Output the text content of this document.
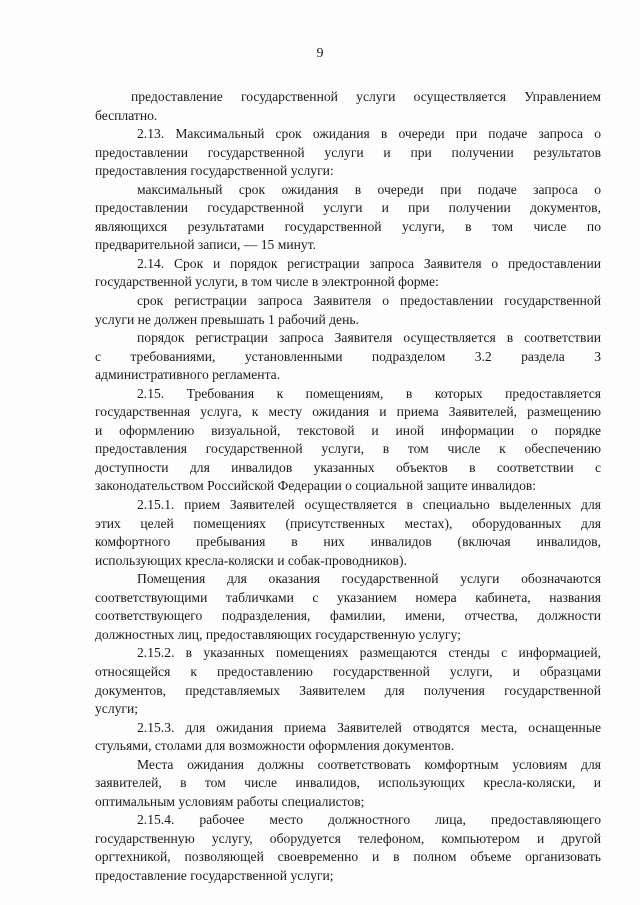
9
предоставление государственной услуги осуществляется Управлением
бесплатно.
2.13. Максимальный срок ожидания в очереди при подаче запроса о
предоставлении государственной услуги и при получении результатов
предоставления государственной услуги:
максимальный срок ожидания в очереди при подаче запроса о
предоставлении государственной услуги и при получении документов,
являющихся результатами государственной услуги, в том числе по
предварительной записи, — 15 минут.
2.14. Срок и порядок регистрации запроса Заявителя о предоставлении
государственной услуги, в том числе в электронной форме:
срок регистрации запроса Заявителя о предоставлении государственной
услуги не должен превышать 1 рабочий день.
порядок регистрации запроса Заявителя осуществляется в соответствии
с требованиями, установленными подразделом 3.2 раздела 3
административного регламента.
2.15. Требования к помещениям, в которых предоставляется
государственная услуга, к месту ожидания и приема Заявителей, размещению
и оформлению визуальной, текстовой и иной информации о порядке
предоставления государственной услуги, в том числе к обеспечению
доступности для инвалидов указанных объектов в соответствии с
законодательством Российской Федерации о социальной защите инвалидов:
2.15.1. прием Заявителей осуществляется в специально выделенных для
этих целей помещениях (присутственных местах), оборудованных для
комфортного пребывания в них инвалидов (включая инвалидов,
использующих кресла-коляски и собак-проводников).
Помещения для оказания государственной услуги обозначаются
соответствующими табличками с указанием номера кабинета, названия
соответствующего подразделения, фамилии, имени, отчества, должности
должностных лиц, предоставляющих государственную услугу;
2.15.2. в указанных помещениях размещаются стенды с информацией,
относящейся к предоставлению государственной услуги, и образцами
документов, представляемых Заявителем для получения государственной
услуги;
2.15.3. для ожидания приема Заявителей отводятся места, оснащенные
стульями, столами для возможности оформления документов.
Места ожидания должны соответствовать комфортным условиям для
заявителей, в том числе инвалидов, использующих кресла-коляски, и
оптимальным условиям работы специалистов;
2.15.4. рабочее место должностного лица, предоставляющего
государственную услугу, оборудуется телефоном, компьютером и другой
оргтехникой, позволяющей своевременно и в полном объеме организовать
предоставление государственной услуги;
